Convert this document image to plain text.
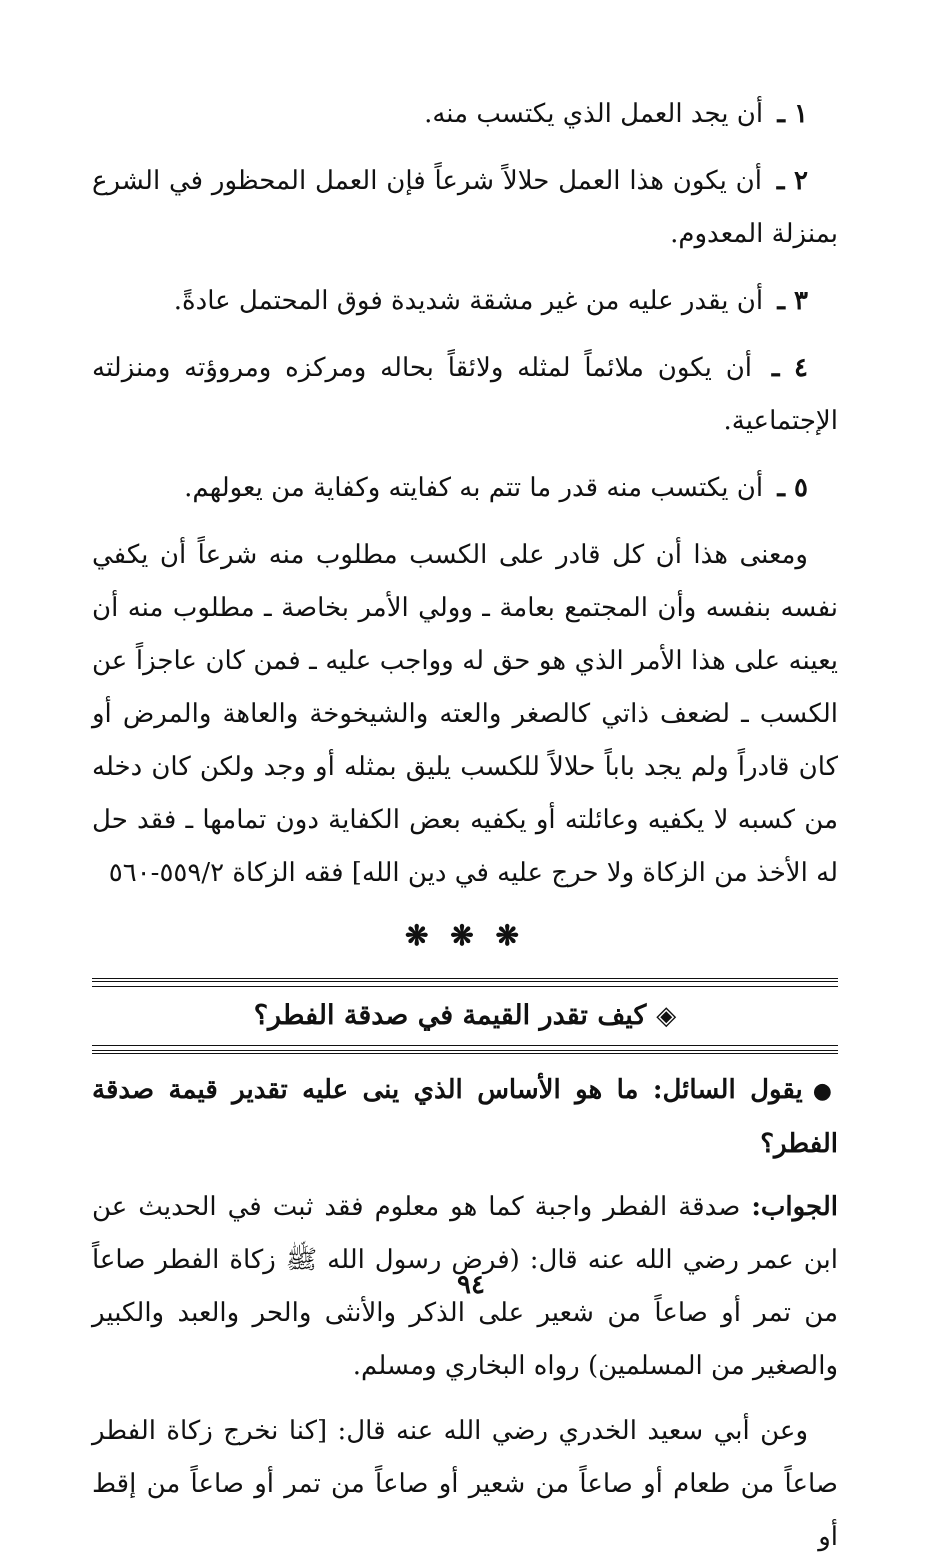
١ ـ أن يجد العمل الذي يكتسب منه.

٢ ـ أن يكون هذا العمل حلالاً شرعاً فإن العمل المحظور في الشرع بمنزلة المعدوم.

٣ ـ أن يقدر عليه من غير مشقة شديدة فوق المحتمل عادةً.

٤ ـ أن يكون ملائماً لمثله ولائقاً بحاله ومركزه ومروؤته ومنزلته الإجتماعية.

٥ ـ أن يكتسب منه قدر ما تتم به كفايته وكفاية من يعولهم.

ومعنى هذا أن كل قادر على الكسب مطلوب منه شرعاً أن يكفي نفسه بنفسه وأن المجتمع بعامة ـ وولي الأمر بخاصة ـ مطلوب منه أن يعينه على هذا الأمر الذي هو حق له وواجب عليه ـ فمن كان عاجزاً عن الكسب ـ لضعف ذاتي كالصغر والعته والشيخوخة والعاهة والمرض أو كان قادراً ولم يجد باباً حلالاً للكسب يليق بمثله أو وجد ولكن كان دخله من كسبه لا يكفيه وعائلته أو يكفيه بعض الكفاية دون تمامها ـ فقد حل له الأخذ من الزكاة ولا حرج عليه في دين الله] فقه الزكاة ٥٥٩/٢-٥٦٠

❋ ❋ ❋
◈كيف تقدر القيمة في صدقة الفطر؟

●يقول السائل: ما هو الأساس الذي ينى عليه تقدير قيمة صدقة الفطر؟

الجواب: صدقة الفطر واجبة كما هو معلوم فقد ثبت في الحديث عن ابن عمر رضي الله عنه قال: (فرض رسول الله ﷺ زكاة الفطر صاعاً من تمر أو صاعاً من شعير على الذكر والأنثى والحر والعبد والكبير والصغير من المسلمين) رواه البخاري ومسلم.

وعن أبي سعيد الخدري رضي الله عنه قال: [كنا نخرج زكاة الفطر صاعاً من طعام أو صاعاً من شعير أو صاعاً من تمر أو صاعاً من إقط أو

٩٤
